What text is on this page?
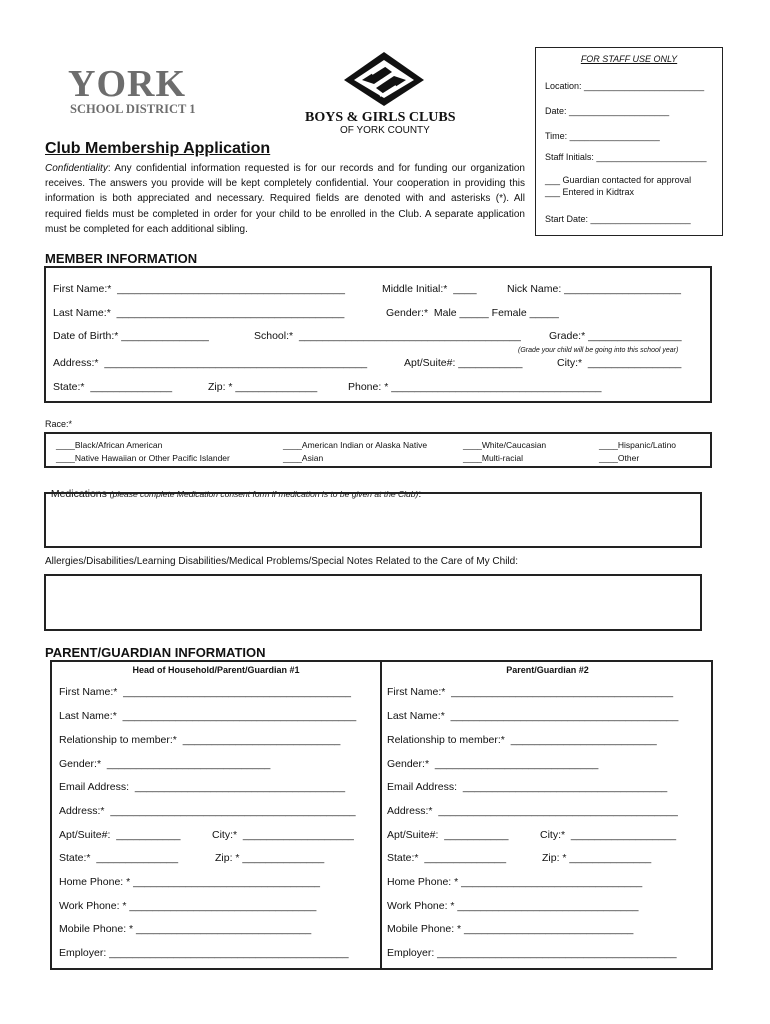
YORK
SCHOOL DISTRICT 1
BOYS & GIRLS CLUBS
OF YORK COUNTY
FOR STAFF USE ONLY
Location: ________________________
Date: ____________________
Time: __________________
Staff Initials: ______________________
___ Guardian contacted for approval
___ Entered in Kidtrax
Start Date: ____________________
Club Membership Application
Confidentiality: Any confidential information requested is for our records and for funding our organization receives. The answers you provide will be kept completely confidential. Your cooperation in providing this information is both appreciated and necessary. Required fields are denoted with and asterisks (*). All required fields must be completed in order for your child to be enrolled in the Club. A separate application must be completed for each additional sibling.
MEMBER INFORMATION
First Name:*  _______________________________________	Middle Initial:*  ____	Nick Name: ____________________
Last Name:*  _______________________________________	Gender:*  Male _____ Female _____
Date of Birth:* _______________	School:*  ______________________________________	Grade:* ________________
(Grade your child will be going into this school year)
Address:*  _____________________________________________	Apt/Suite#: ___________	City:*  ________________
State:*  ______________	Zip: * ______________	Phone: * ____________________________________
Race:*
____Black/African American
____Native Hawaiian or Other Pacific Islander
____American Indian or Alaska Native
____Asian
____White/Caucasian
____Multi-racial
____Hispanic/Latino
____Other

Medications (please complete Medication consent form if medication is to be given at the Club):

Allergies/Disabilities/Learning Disabilities/Medical Problems/Special Notes Related to the Care of My Child:
PARENT/GUARDIAN INFORMATION
Head of Household/Parent/Guardian #1
First Name:*  _______________________________________
Last Name:*  ________________________________________
Relationship to member:*  ___________________________
Gender:*  ____________________________
Email Address:  ____________________________________
Address:*  __________________________________________
Apt/Suite#:  ___________	City:*  ___________________
State:*  ______________	Zip: * ______________
Home Phone: * ________________________________
Work Phone: * ________________________________
Mobile Phone: * ______________________________
Employer: _________________________________________
Parent/Guardian #2
First Name:*  ______________________________________
Last Name:*  _______________________________________
Relationship to member:*  _________________________
Gender:*  ____________________________
Email Address:  ___________________________________
Address:*  _________________________________________
Apt/Suite#:  ___________	City:*  __________________
State:*  ______________	Zip: * ______________
Home Phone: * _______________________________
Work Phone: * _______________________________
Mobile Phone: * _____________________________
Employer: _________________________________________
